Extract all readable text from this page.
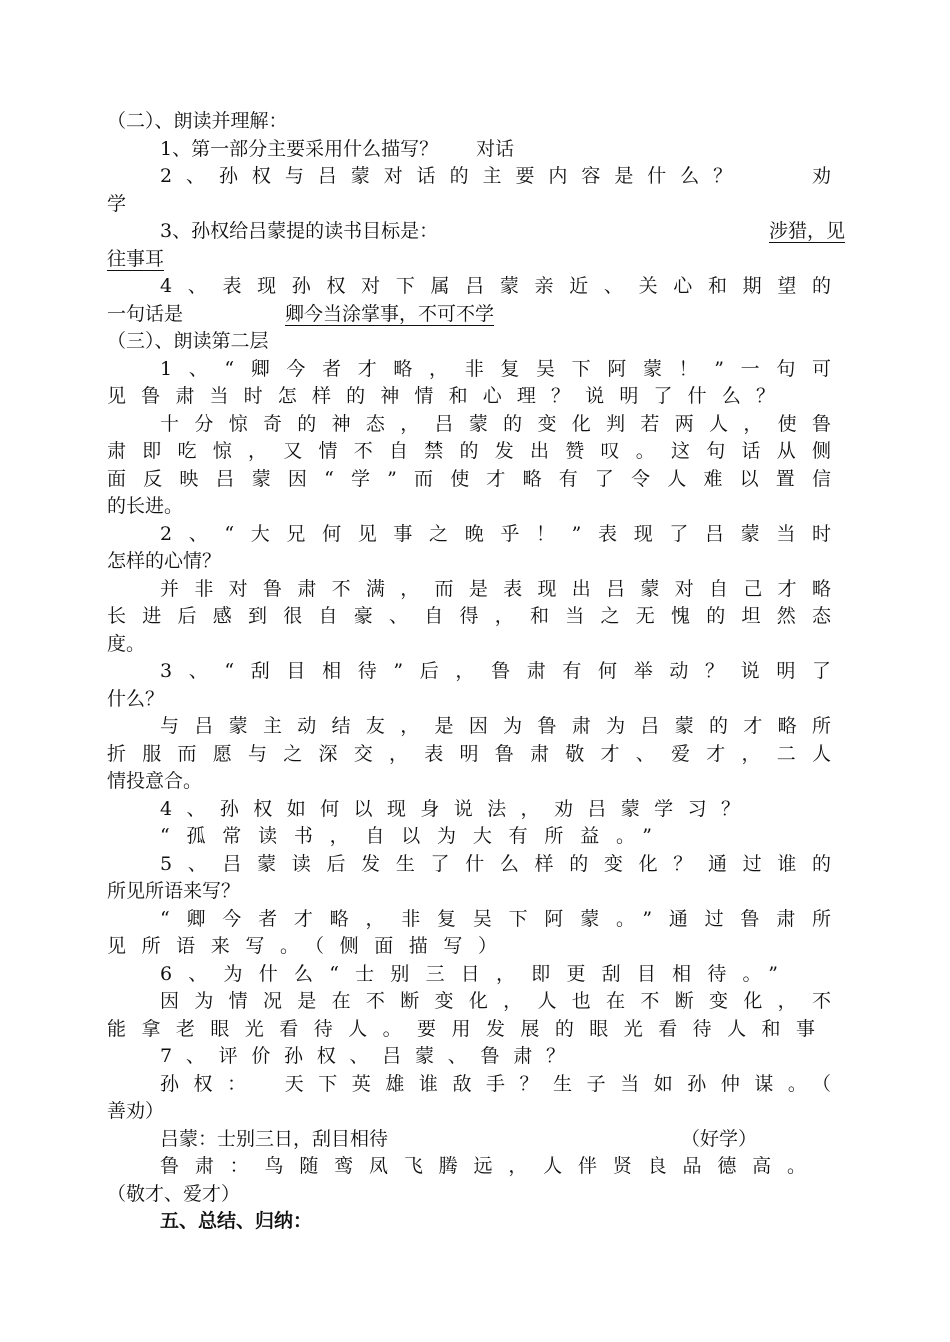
（二）、朗读并理解：
1、第一部分主要采用什么描写？　　对话
2、孙权与吕蒙对话的主要内容是什么？　　劝
学
3、孙权给吕蒙提的读书目标是：	涉猎，见
往事耳
4、表现孙权对下属吕蒙亲近、关心和期望的
一句话是	卿今当涂掌事，不可不学
（三）、朗读第二层
1、“卿今者才略，非复吴下阿蒙！”一句可
见鲁肃当时怎样的神情和心理？说明了什么？
十分惊奇的神态，吕蒙的变化判若两人，使鲁
肃即吃惊，又情不自禁的发出赞叹。这句话从侧
面反映吕蒙因“学”而使才略有了令人难以置信
的长进。
2、“大兄何见事之晚乎！”表现了吕蒙当时
怎样的心情？
并非对鲁肃不满，而是表现出吕蒙对自己才略
长进后感到很自豪、自得，和当之无愧的坦然态
度。
3、“刮目相待”后，鲁肃有何举动？说明了
什么？
与吕蒙主动结友，是因为鲁肃为吕蒙的才略所
折服而愿与之深交，表明鲁肃敬才、爱才，二人
情投意合。
4、孙权如何以现身说法，劝吕蒙学习？
“孤常读书，自以为大有所益。”
5、吕蒙读后发生了什么样的变化？通过谁的
所见所语来写？
“卿今者才略，非复吴下阿蒙。”通过鲁肃所
见所语来写。（侧面描写）
6、为什么“士别三日，即更刮目相待。”
因为情况是在不断变化，人也在不断变化，不
能拿老眼光看待人。要用发展的眼光看待人和事
7、评价孙权、吕蒙、鲁肃？
孙权：　天下英雄谁敌手？生子当如孙仲谋。（
善劝）
吕蒙：士别三日，刮目相待	（好学）
鲁肃：鸟随鸾凤飞腾远，人伴贤良品德高。
（敬才、爱才）
五、总结、归纳：
